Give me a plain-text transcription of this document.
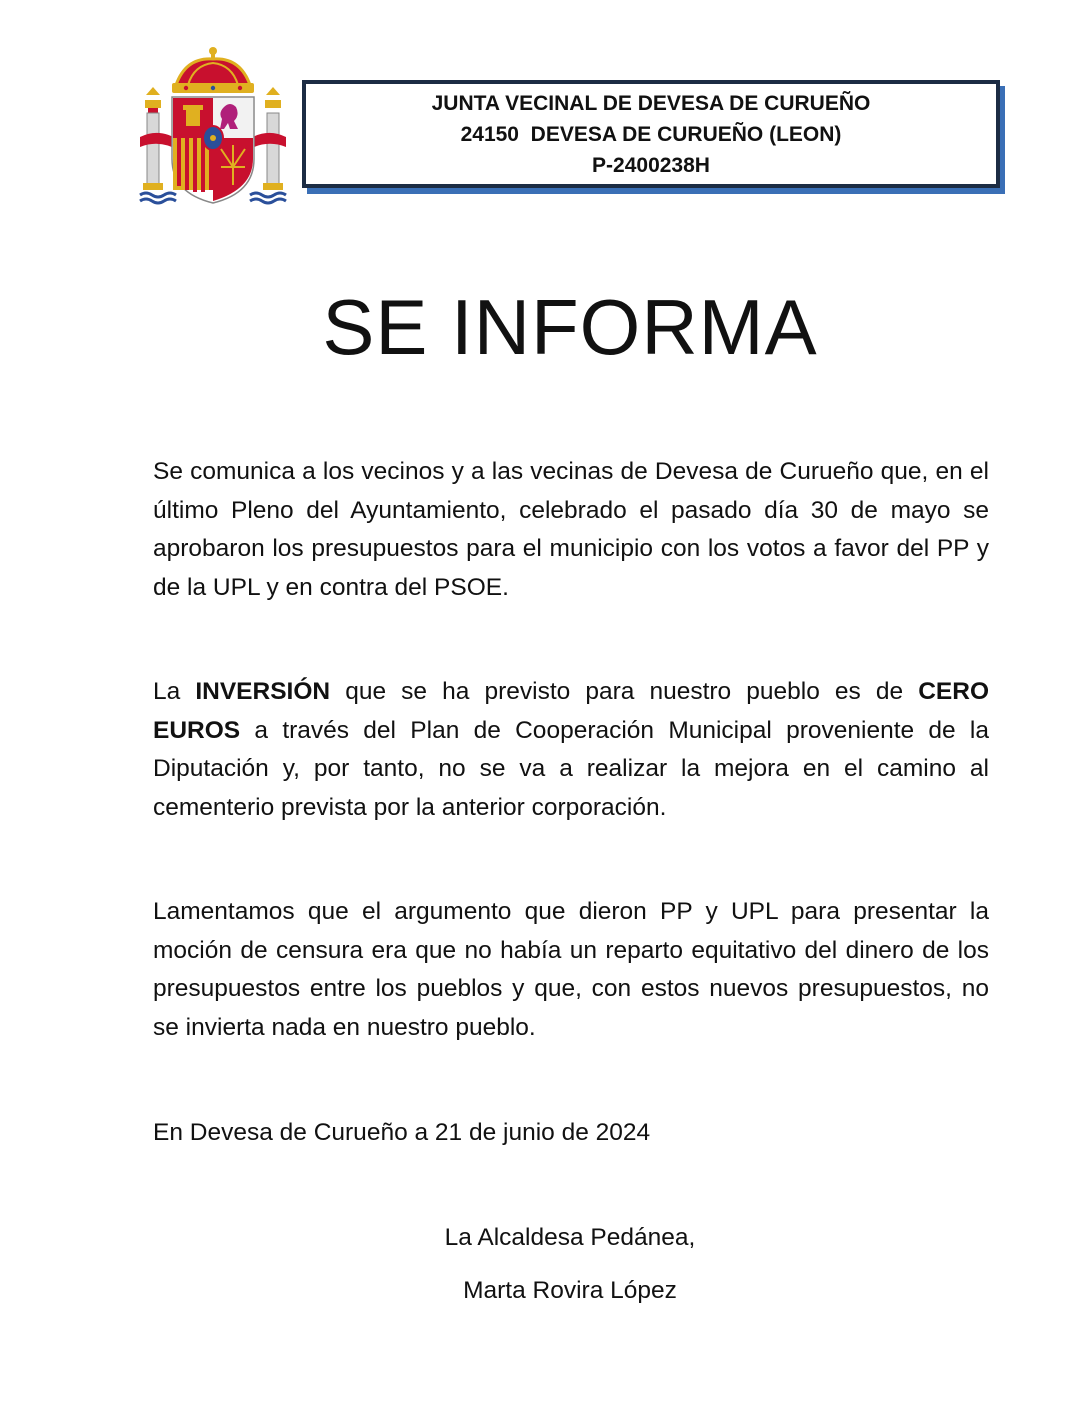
JUNTA VECINAL DE DEVESA DE CURUEÑO
24150  DEVESA DE CURUEÑO (LEON)
P-2400238H
SE INFORMA

Se comunica a los vecinos y a las vecinas de Devesa de Curueño que, en el último Pleno del Ayuntamiento, celebrado el pasado día 30 de mayo se aprobaron los presupuestos para el municipio con los votos a favor del PP y de la UPL y en contra del PSOE.

La INVERSIÓN que se ha previsto para nuestro pueblo es de CERO EUROS a través del Plan de Cooperación Municipal proveniente de la Diputación y, por tanto, no se va a realizar la mejora en el camino al cementerio prevista por la anterior corporación.

Lamentamos que el argumento que dieron PP y UPL para presentar la moción de censura era que no había un reparto equitativo del dinero de los presupuestos entre los pueblos y que, con estos nuevos presupuestos, no se invierta nada en nuestro pueblo.

En Devesa de Curueño a 21 de junio de 2024
La Alcaldesa Pedánea,
Marta Rovira López
